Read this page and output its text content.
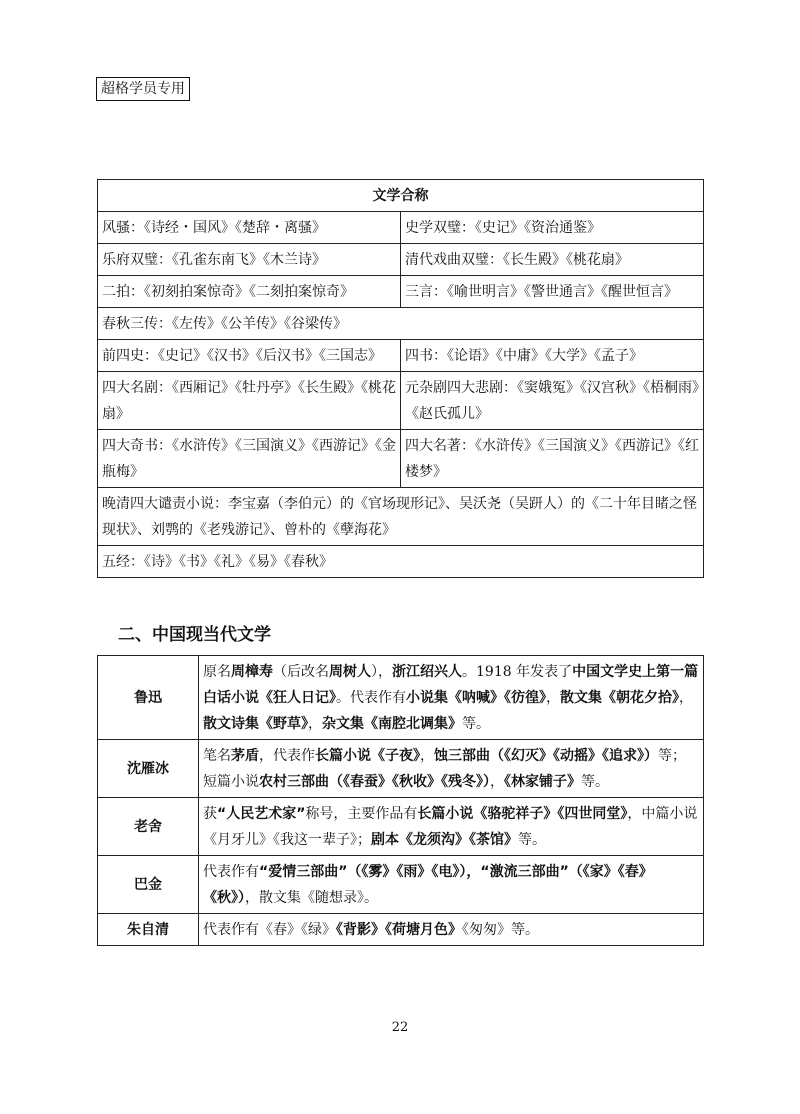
超格学员专用
文学合称	
风骚：《诗经・国风》《楚辞・离骚》	史学双璧：《史记》《资治通鉴》
乐府双璧：《孔雀东南飞》《木兰诗》	清代戏曲双璧：《长生殿》《桃花扇》
二拍：《初刻拍案惊奇》《二刻拍案惊奇》	三言：《喻世明言》《警世通言》《醒世恒言》
春秋三传：《左传》《公羊传》《谷梁传》	
前四史：《史记》《汉书》《后汉书》《三国志》	四书：《论语》《中庸》《大学》《孟子》
四大名剧：《西厢记》《牡丹亭》《长生殿》《桃花扇》	元杂剧四大悲剧：《窦娥冤》《汉宫秋》《梧桐雨》《赵氏孤儿》
四大奇书：《水浒传》《三国演义》《西游记》《金瓶梅》	四大名著：《水浒传》《三国演义》《西游记》《红楼梦》
晚清四大谴责小说：李宝嘉（李伯元）的《官场现形记》、吴沃尧（吴趼人）的《二十年目睹之怪现状》、刘鹗的《老残游记》、曾朴的《孽海花》	
五经：《诗》《书》《礼》《易》《春秋》	
二、中国现当代文学
鲁迅	原名周樟寿（后改名周树人），浙江绍兴人。1918 年发表了中国文学史上第一篇白话小说《狂人日记》。代表作有小说集《呐喊》《彷徨》，散文集《朝花夕拾》，散文诗集《野草》，杂文集《南腔北调集》等。
沈雁冰	笔名茅盾，代表作长篇小说《子夜》，蚀三部曲（《幻灭》《动摇》《追求》）等；短篇小说农村三部曲（《春蚕》《秋收》《残冬》），《林家铺子》等。
老舍	获“人民艺术家”称号，主要作品有长篇小说《骆驼祥子》《四世同堂》，中篇小说《月牙儿》《我这一辈子》；剧本《龙须沟》《茶馆》等。
巴金	代表作有“爱情三部曲”（《雾》《雨》《电》），“激流三部曲”（《家》《春》《秋》），散文集《随想录》。
朱自清	代表作有《春》《绿》《背影》《荷塘月色》《匆匆》等。
22
